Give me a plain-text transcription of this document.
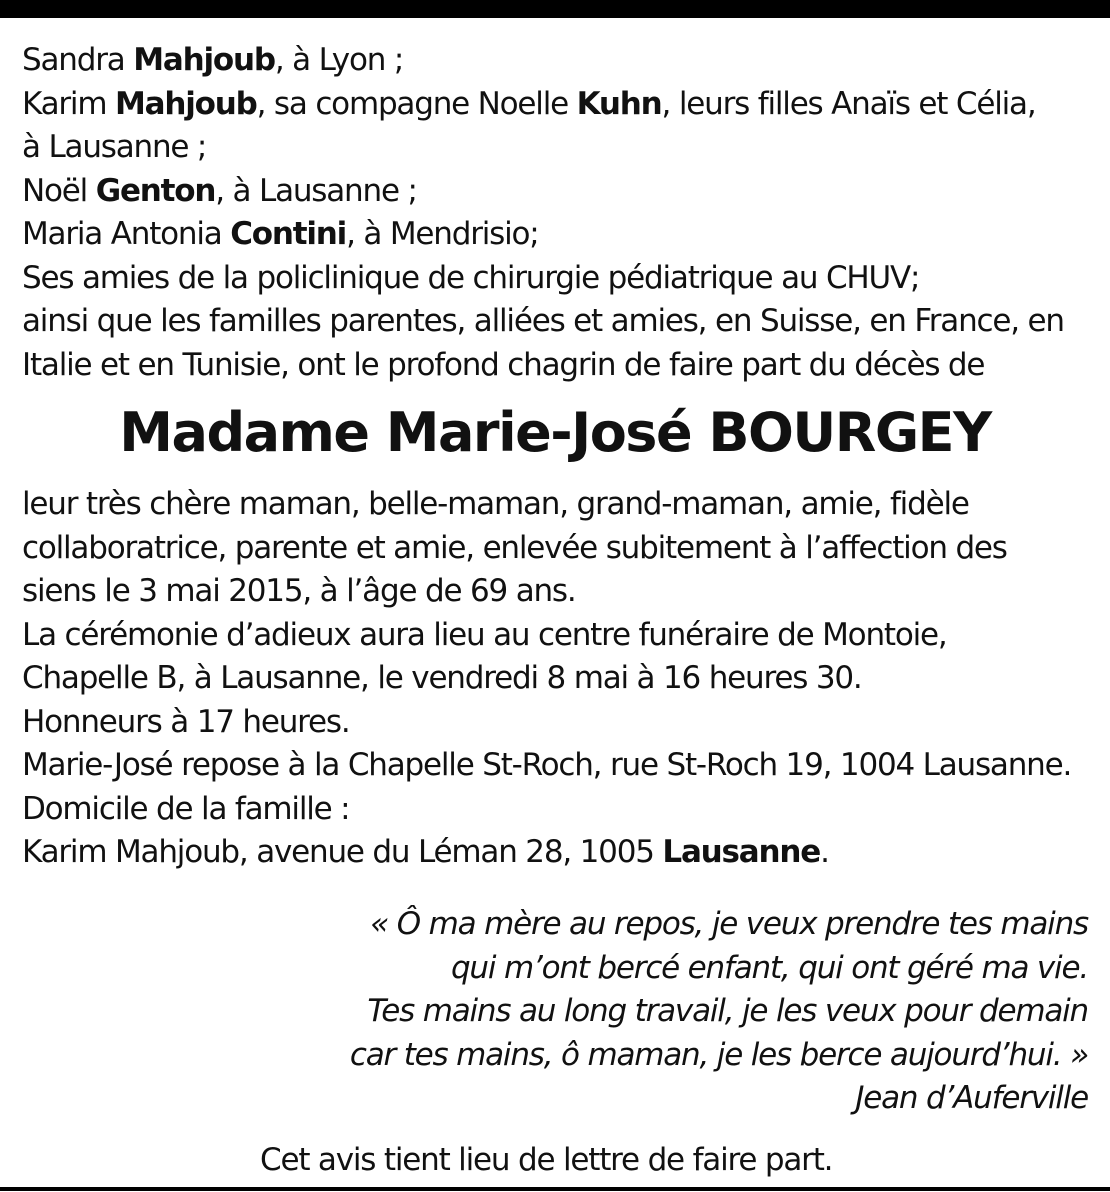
Sandra Mahjoub, à Lyon ;
Karim Mahjoub, sa compagne Noelle Kuhn, leurs filles Anaïs et Célia,
à Lausanne ;
Noël Genton, à Lausanne ;
Maria Antonia Contini, à Mendrisio;
Ses amies de la policlinique de chirurgie pédiatrique au CHUV;
ainsi que les familles parentes, alliées et amies, en Suisse, en France, en
Italie et en Tunisie, ont le profond chagrin de faire part du décès de
Madame Marie-José BOURGEY
leur très chère maman, belle-maman, grand-maman, amie, fidèle
collaboratrice, parente et amie, enlevée subitement à l’affection des
siens le 3 mai 2015, à l’âge de 69 ans.
La cérémonie d’adieux aura lieu au centre funéraire de Montoie,
Chapelle B, à Lausanne, le vendredi 8 mai à 16 heures 30.
Honneurs à 17 heures.
Marie-José repose à la Chapelle St-Roch, rue St-Roch 19, 1004 Lausanne.
Domicile de la famille :
Karim Mahjoub, avenue du Léman 28, 1005 Lausanne.
« Ô ma mère au repos, je veux prendre tes mains
qui m’ont bercé enfant, qui ont géré ma vie.
Tes mains au long travail, je les veux pour demain
car tes mains, ô maman, je les berce aujourd’hui. »
Jean d’Auferville
Cet avis tient lieu de lettre de faire part.
